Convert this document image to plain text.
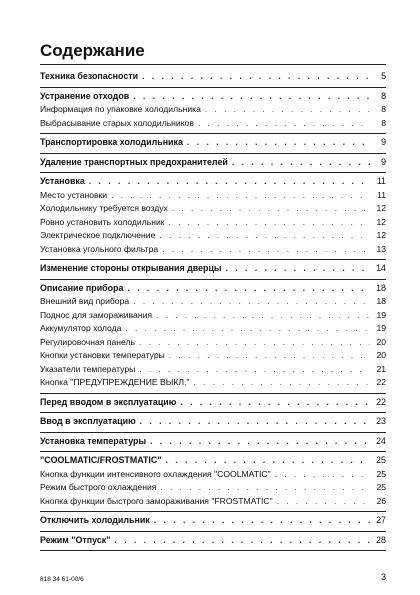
Содержание
Техника безопасности . . .	5
Устранение отходов . . .	8
Информация по упаковке холодильника . . .	8
Выбрасывание старых холодильников . . .	8
Транспортировка холодильника . . .	9
Удаление транспортных предохранителей . . .	9
Установка . . .	11
Место установки . . .	11
Холодильнику требуется воздух . . .	12
Ровно установить холодильник . . .	12
Электрическое подключение . . .	12
Установка угольного фильтра . . .	13
Изменение стороны открывания дверцы . . .	14
Описание прибора . . .	18
Внешний вид прибора . . .	18
Поднос для замораживания . . .	19
Аккумулятор холода . . .	19
Регулировочная панель . . .	20
Кнопки установки температуры . . .	20
Указатели температуры . . .	21
Кнопка "ПРЕДУПРЕЖДЕНИЕ ВЫКЛ." . . .	22
Перед вводом в эксплуатацию . . .	22
Ввод в эксплуатацию . . .	23
Установка температуры . . .	24
"COOLMATIC/FROSTMATIC" . . .	25
Кнопка функции интенсивного охлаждения "COOLMATIC" . . .	25
Режим быстрого охлаждения . . .	25
Кнопка функции быстрого замораживания "FROSTMATIC" . . .	26
Отключить холодильник . . .	27
Режим "Отпуск" . . .	28
818 34 61-00/6	3
